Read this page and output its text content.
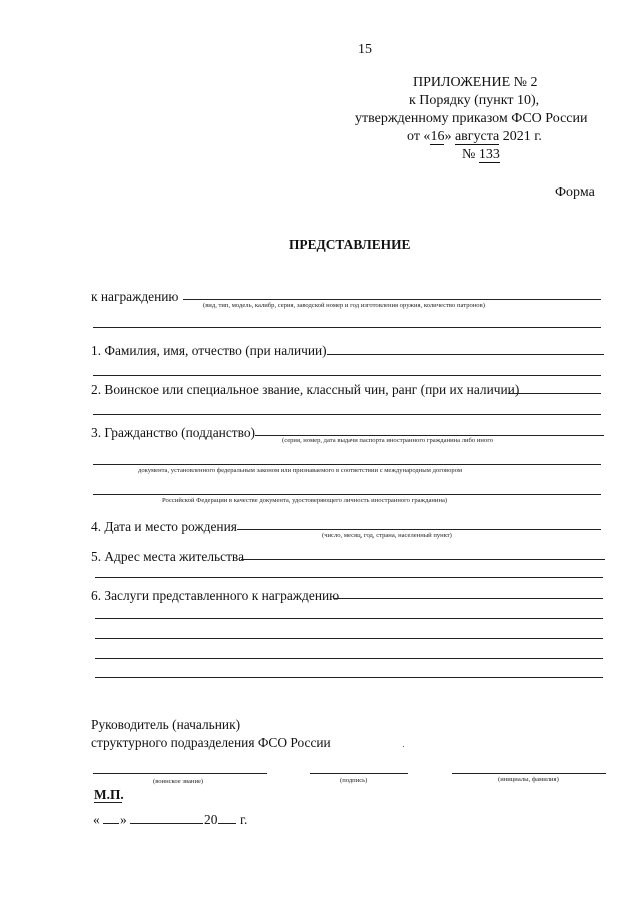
15
ПРИЛОЖЕНИЕ № 2
к Порядку (пункт 10),
утвержденному приказом ФСО России
от «16» августа 2021 г.
№ 133
Форма
ПРЕДСТАВЛЕНИЕ
к награждению
(вид, тип, модель, калибр, серия, заводской номер и год изготовления оружия, количество патронов)
1. Фамилия, имя, отчество (при наличии)
2. Воинское или специальное звание, классный чин, ранг (при их наличии)
3. Гражданство (подданство)
(серия, номер, дата выдачи паспорта иностранного гражданина либо иного
документа, установленного федеральным законом или признаваемого в соответствии с международным договором
Российской Федерации в качестве документа, удостоверяющего личность иностранного гражданина)
4. Дата и место рождения
(число, месяц, год, страна, населенный пункт)
5. Адрес места жительства
6. Заслуги представленного к награждению
Руководитель (начальник)
структурного подразделения ФСО России
(воинское звание)	(подпись)	(инициалы, фамилия)
М.П.
« »	20 г.
